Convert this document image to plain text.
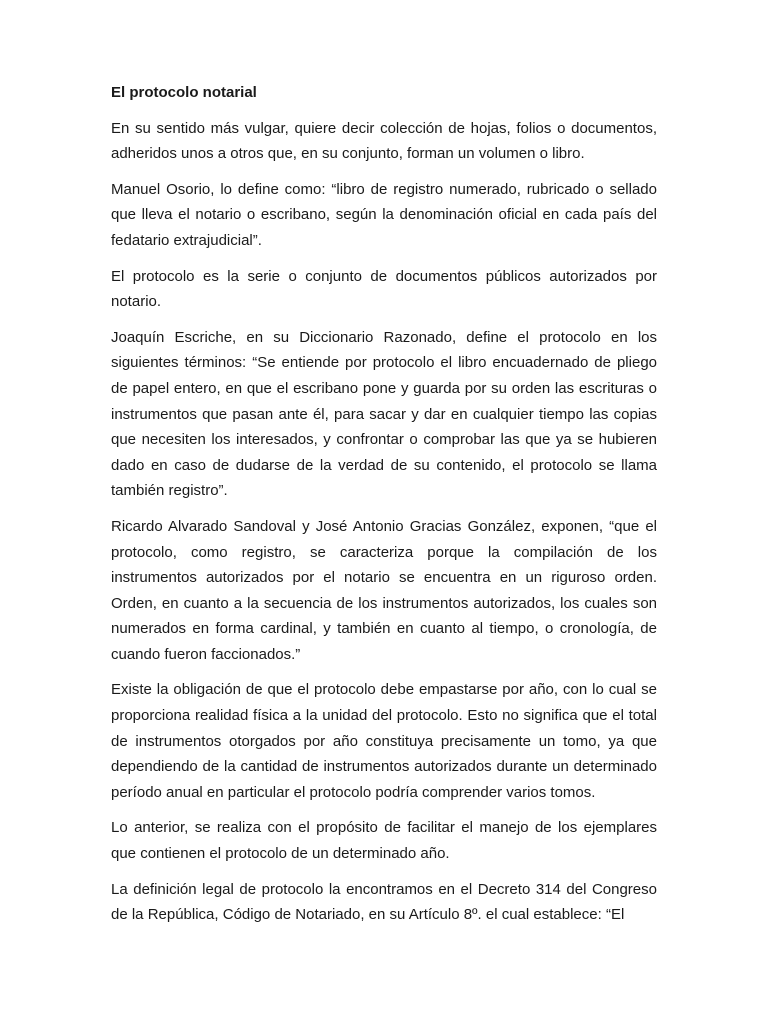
El protocolo notarial

En su sentido más vulgar, quiere decir colección de hojas, folios o documentos, adheridos unos a otros que, en su conjunto, forman un volumen o libro.

Manuel Osorio, lo define como: “libro de registro numerado, rubricado o sellado que lleva el notario o escribano, según la denominación oficial en cada país del fedatario extrajudicial”.

El protocolo es la serie o conjunto de documentos públicos autorizados por notario.

Joaquín Escriche, en su Diccionario Razonado, define el protocolo en los siguientes términos: “Se entiende por protocolo el libro encuadernado de pliego de papel entero, en que el escribano pone y guarda por su orden las escrituras o instrumentos que pasan ante él, para sacar y dar en cualquier tiempo las copias que necesiten los interesados, y confrontar o comprobar las que ya se hubieren dado en caso de dudarse de la verdad de su contenido, el protocolo se llama también registro”.

Ricardo Alvarado Sandoval y José Antonio Gracias González, exponen, “que el protocolo, como registro, se caracteriza porque la compilación de los instrumentos autorizados por el notario se encuentra en un riguroso orden. Orden, en cuanto a la secuencia de los instrumentos autorizados, los cuales son numerados en forma cardinal, y también en cuanto al tiempo, o cronología, de cuando fueron faccionados.”

Existe la obligación de que el protocolo debe empastarse por año, con lo cual se proporciona realidad física a la unidad del protocolo. Esto no significa que el total de instrumentos otorgados por año constituya precisamente un tomo, ya que dependiendo de la cantidad de instrumentos autorizados durante un determinado período anual en particular el protocolo podría comprender varios tomos.

Lo anterior, se realiza con el propósito de facilitar el manejo de los ejemplares que contienen el protocolo de un determinado año.

La definición legal de protocolo la encontramos en el Decreto 314 del Congreso de la República, Código de Notariado, en su Artículo 8º. el cual establece: “El
